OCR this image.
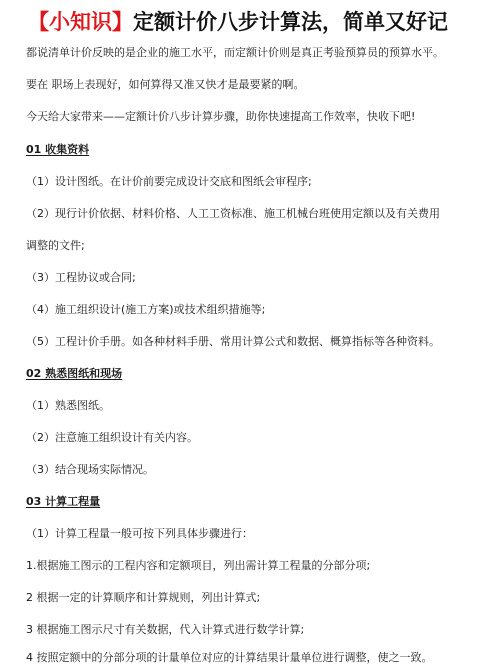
【小知识】定额计价八步计算法，简单又好记

都说清单计价反映的是企业的施工水平，而定额计价则是真正考验预算员的预算水平。

要在 职场上表现好，如何算得又准又快才是最要紧的啊。

今天给大家带来——定额计价八步计算步骤，助你快速提高工作效率，快收下吧!

01 收集资料

（1）设计图纸。在计价前要完成设计交底和图纸会审程序;

（2）现行计价依据、材料价格、人工工资标准、施工机械台班使用定额以及有关费用

调整的文件;

（3）工程协议或合同;

（4）施工组织设计(施工方案)或技术组织措施等;

（5）工程计价手册。如各种材料手册、常用计算公式和数据、概算指标等各种资料。

02 熟悉图纸和现场

（1）熟悉图纸。

（2）注意施工组织设计有关内容。

（3）结合现场实际情况。

03 计算工程量

（1）计算工程量一般可按下列具体步骤进行：

1.根据施工图示的工程内容和定额项目，列出需计算工程量的分部分项;

2 根据一定的计算顺序和计算规则，列出计算式;

3 根据施工图示尺寸有关数据，代入计算式进行数学计算;

4 按照定额中的分部分项的计量单位对应的计算结果计量单位进行调整，使之一致。
